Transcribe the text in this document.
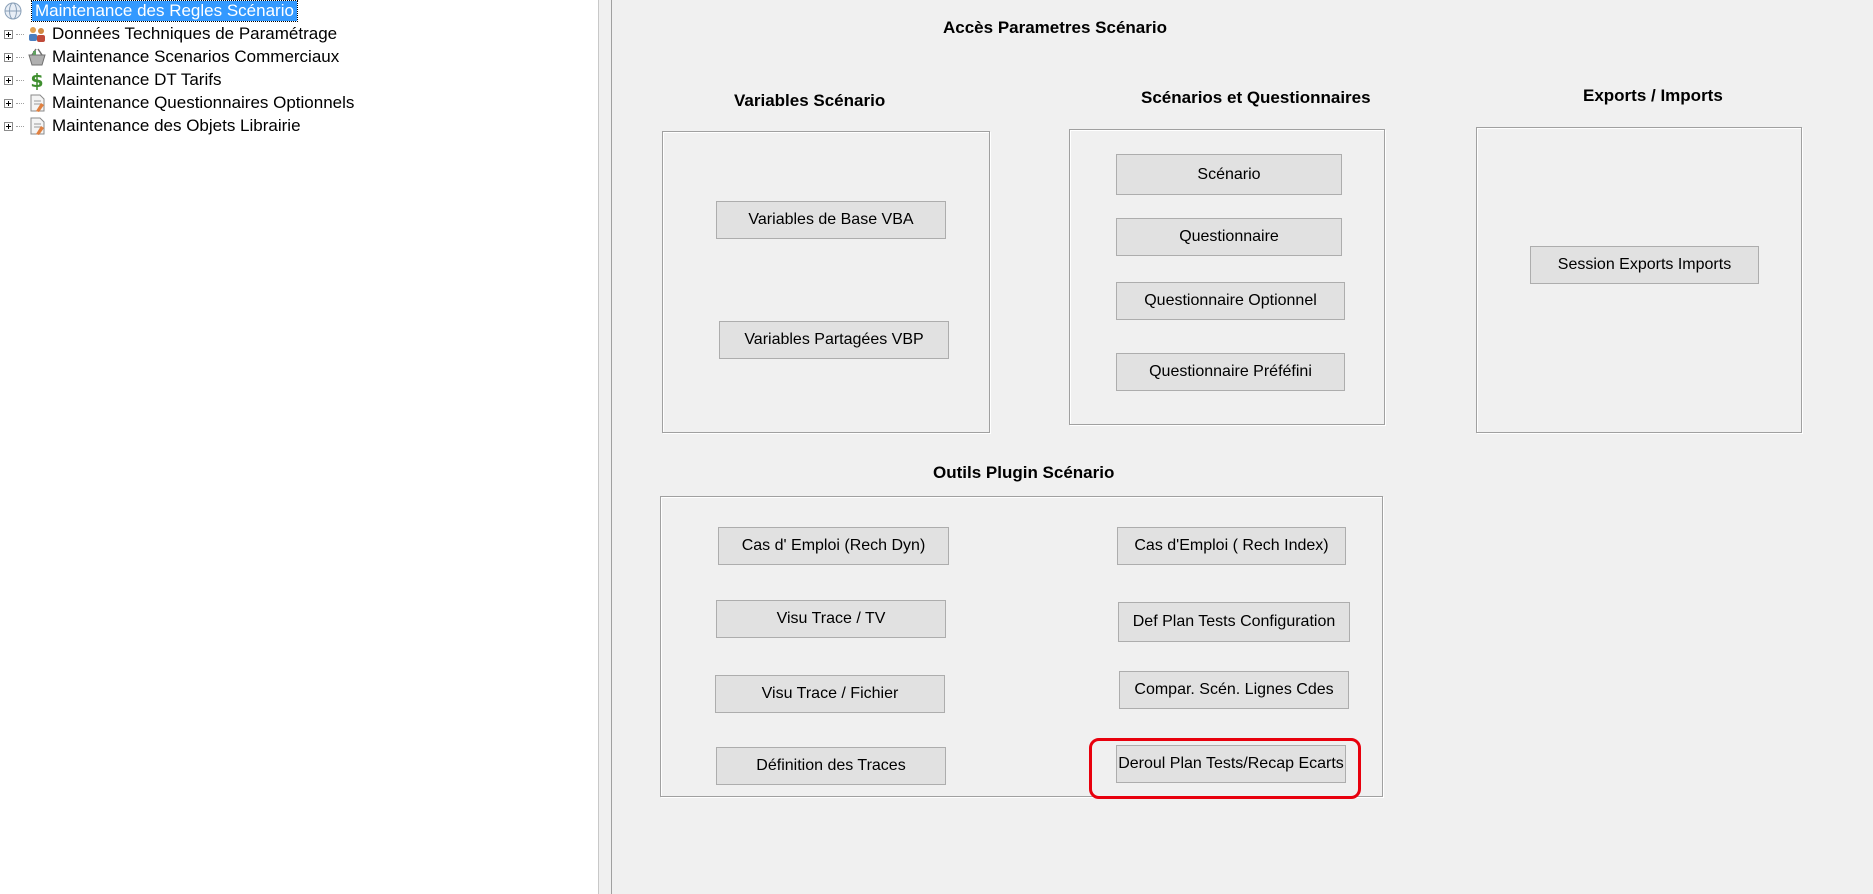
Maintenance des Regles Scénario
Données Techniques de Paramétrage
Maintenance Scenarios Commerciaux
$ Maintenance DT Tarifs
Maintenance Questionnaires Optionnels
Maintenance des Objets Librairie
Accès Parametres Scénario
Variables Scénario
Variables de Base VBA
Variables Partagées VBP
Scénarios et Questionnaires
Scénario
Questionnaire
Questionnaire Optionnel
Questionnaire Préféfini
Exports / Imports
Session Exports Imports
Outils Plugin Scénario
Cas d' Emploi (Rech Dyn)
Visu Trace / TV
Visu Trace / Fichier
Définition des Traces
Cas d'Emploi ( Rech Index)
Def Plan Tests Configuration
Compar. Scén. Lignes Cdes
Deroul Plan Tests/Recap Ecarts
